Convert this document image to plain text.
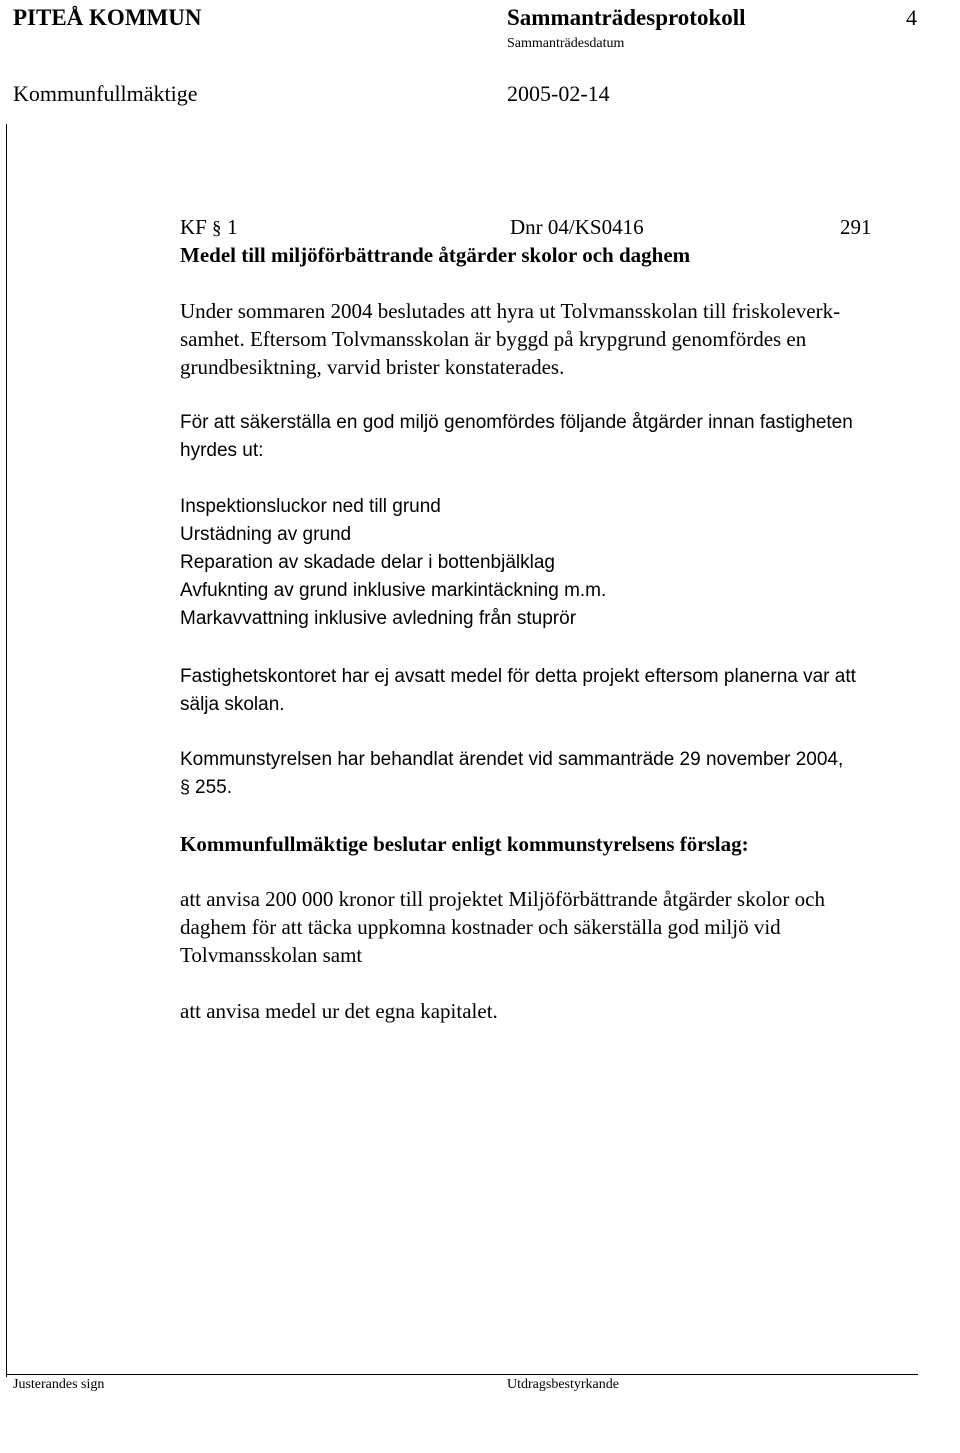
PITEÅ KOMMUN	Sammanträdesprotokoll	4
Sammanträdesdatum
Kommunfullmäktige	2005-02-14
KF § 1	Dnr 04/KS0416	291
Medel till miljöförbättrande åtgärder skolor och daghem
Under sommaren 2004 beslutades att hyra ut Tolvmansskolan till friskoleverk-
samhet. Eftersom Tolvmansskolan är byggd på krypgrund genomfördes en
grundbesiktning, varvid brister konstaterades.
För att säkerställa en god miljö genomfördes följande åtgärder innan fastigheten
hyrdes ut:
Inspektionsluckor ned till grund
Urstädning av grund
Reparation av skadade delar i bottenbjälklag
Avfuknting av grund inklusive markintäckning m.m.
Markavvattning inklusive avledning från stuprör
Fastighetskontoret har ej avsatt medel för detta projekt eftersom planerna var att
sälja skolan.
Kommunstyrelsen har behandlat ärendet vid sammanträde 29 november 2004,
§ 255.
Kommunfullmäktige beslutar enligt kommunstyrelsens förslag:
att anvisa 200 000 kronor till projektet Miljöförbättrande åtgärder skolor och
daghem för att täcka uppkomna kostnader och säkerställa god miljö vid
Tolvmansskolan samt
att anvisa medel ur det egna kapitalet.
Justerandes sign	Utdragsbestyrkande
